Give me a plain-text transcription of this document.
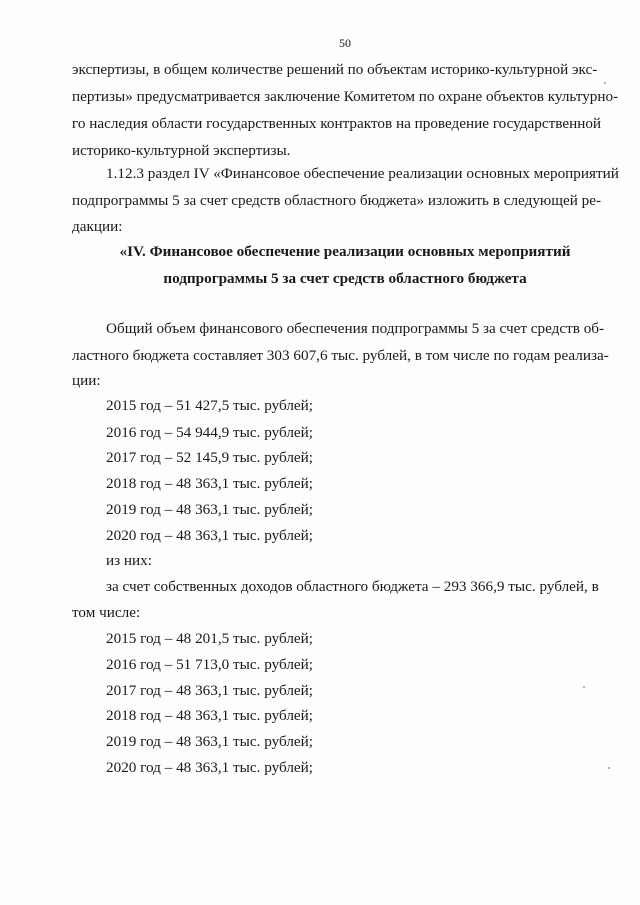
50
экспертизы, в общем количестве решений по объектам историко-культурной экс-
пертизы» предусматривается заключение Комитетом по охране объектов культурно-
го наследия области государственных контрактов на проведение государственной
историко-культурной экспертизы.
1.12.3 раздел IV «Финансовое обеспечение реализации основных мероприятий
подпрограммы 5 за счет средств областного бюджета» изложить в следующей ре-
дакции:
«IV. Финансовое обеспечение реализации основных мероприятий
подпрограммы 5 за счет средств областного бюджета
Общий объем финансового обеспечения подпрограммы 5 за счет средств об-
ластного бюджета составляет 303 607,6 тыс. рублей, в том числе по годам реализа-
ции:
2015 год – 51 427,5 тыс. рублей;
2016 год – 54 944,9 тыс. рублей;
2017 год – 52 145,9 тыс. рублей;
2018 год – 48 363,1 тыс. рублей;
2019 год – 48 363,1 тыс. рублей;
2020 год – 48 363,1 тыс. рублей;
из них:
за счет собственных доходов областного бюджета – 293 366,9 тыс. рублей, в
том числе:
2015 год – 48 201,5 тыс. рублей;
2016 год – 51 713,0 тыс. рублей;
2017 год – 48 363,1 тыс. рублей;
2018 год – 48 363,1 тыс. рублей;
2019 год – 48 363,1 тыс. рублей;
2020 год – 48 363,1 тыс. рублей;
